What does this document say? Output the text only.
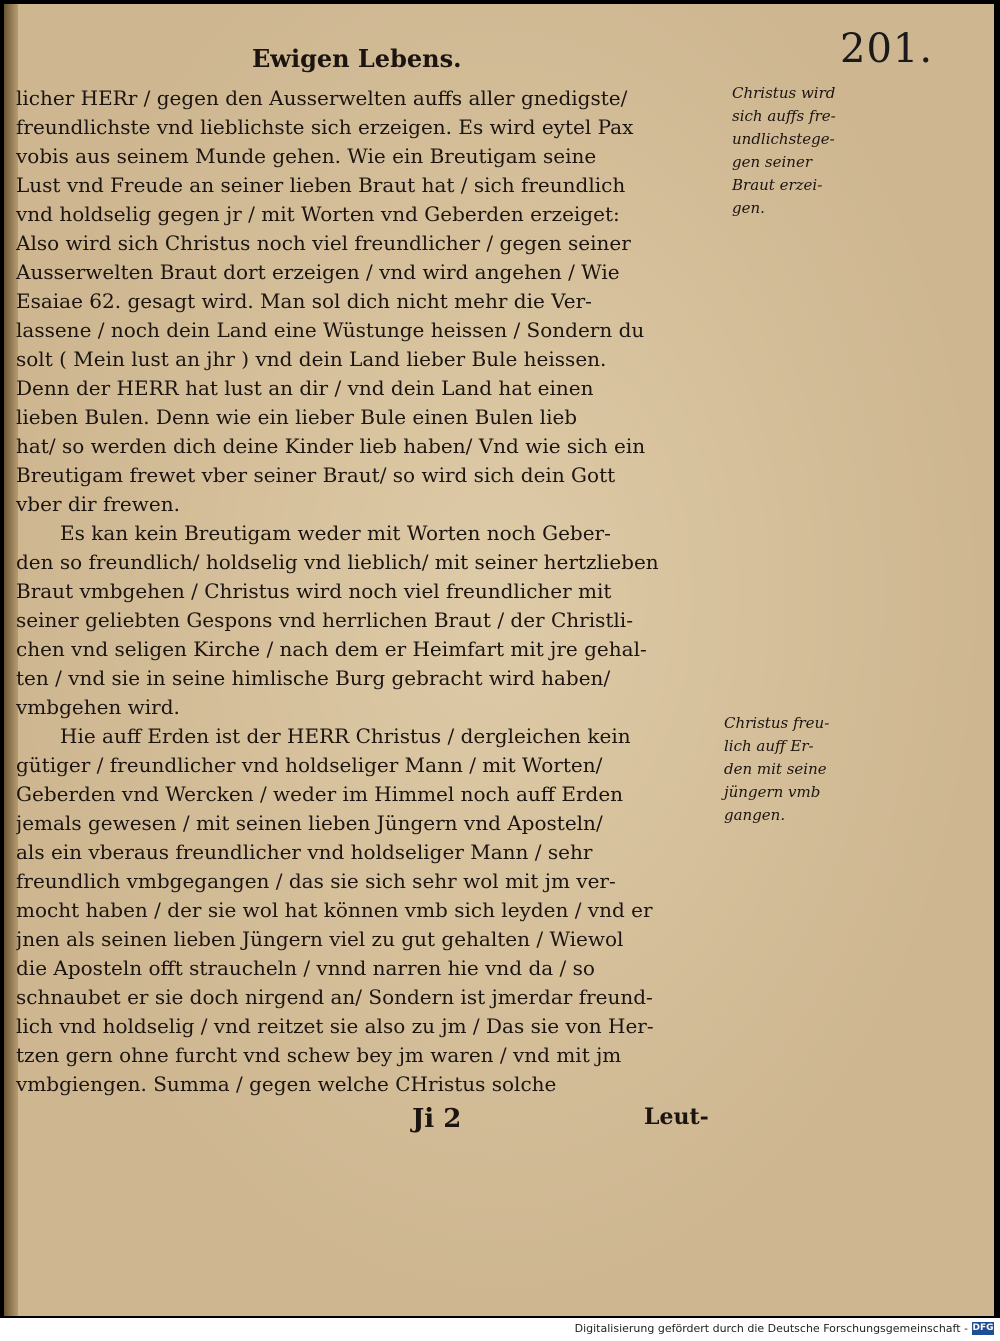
201.
Ewigen Lebens.
licher HERr / gegen den Ausserwelten auffs aller gnedigste/
freundlichste vnd lieblichste sich erzeigen. Es wird eytel Pax
vobis aus seinem Munde gehen. Wie ein Breutigam seine
Lust vnd Freude an seiner lieben Braut hat / sich freundlich
vnd holdselig gegen jr / mit Worten vnd Geberden erzeiget:
Also wird sich Christus noch viel freundlicher / gegen seiner
Ausserwelten Braut dort erzeigen / vnd wird angehen / Wie
Esaiae 62. gesagt wird. Man sol dich nicht mehr die Ver-
lassene / noch dein Land eine Wüstunge heissen / Sondern du
solt ( Mein lust an jhr ) vnd dein Land lieber Bule heissen.
Denn der HERR hat lust an dir / vnd dein Land hat einen
lieben Bulen. Denn wie ein lieber Bule einen Bulen lieb
hat/ so werden dich deine Kinder lieb haben/ Vnd wie sich ein
Breutigam frewet vber seiner Braut/ so wird sich dein Gott
vber dir frewen.
Es kan kein Breutigam weder mit Worten noch Geber-
den so freundlich/ holdselig vnd lieblich/ mit seiner hertzlieben
Braut vmbgehen / Christus wird noch viel freundlicher mit
seiner geliebten Gespons vnd herrlichen Braut / der Christli-
chen vnd seligen Kirche / nach dem er Heimfart mit jre gehal-
ten / vnd sie in seine himlische Burg gebracht wird haben/
vmbgehen wird.
Hie auff Erden ist der HERR Christus / dergleichen kein
gütiger / freundlicher vnd holdseliger Mann / mit Worten/
Geberden vnd Wercken / weder im Himmel noch auff Erden
jemals gewesen / mit seinen lieben Jüngern vnd Aposteln/
als ein vberaus freundlicher vnd holdseliger Mann / sehr
freundlich vmbgegangen / das sie sich sehr wol mit jm ver-
mocht haben / der sie wol hat können vmb sich leyden / vnd er
jnen als seinen lieben Jüngern viel zu gut gehalten / Wiewol
die Aposteln offt straucheln / vnnd narren hie vnd da / so
schnaubet er sie doch nirgend an/ Sondern ist jmerdar freund-
lich vnd holdselig / vnd reitzet sie also zu jm / Das sie von Her-
tzen gern ohne furcht vnd schew bey jm waren / vnd mit jm
vmbgiengen. Summa / gegen welche CHristus solche
Christus wird
sich auffs fre-
undlichstege-
gen seiner
Braut erzei-
gen.
Christus freu-
lich auff Er-
den mit seine
jüngern vmb
gangen.
Ji 2	Leut-
Digitalisierung gefördert durch die Deutsche Forschungsgemeinschaft - DFG
